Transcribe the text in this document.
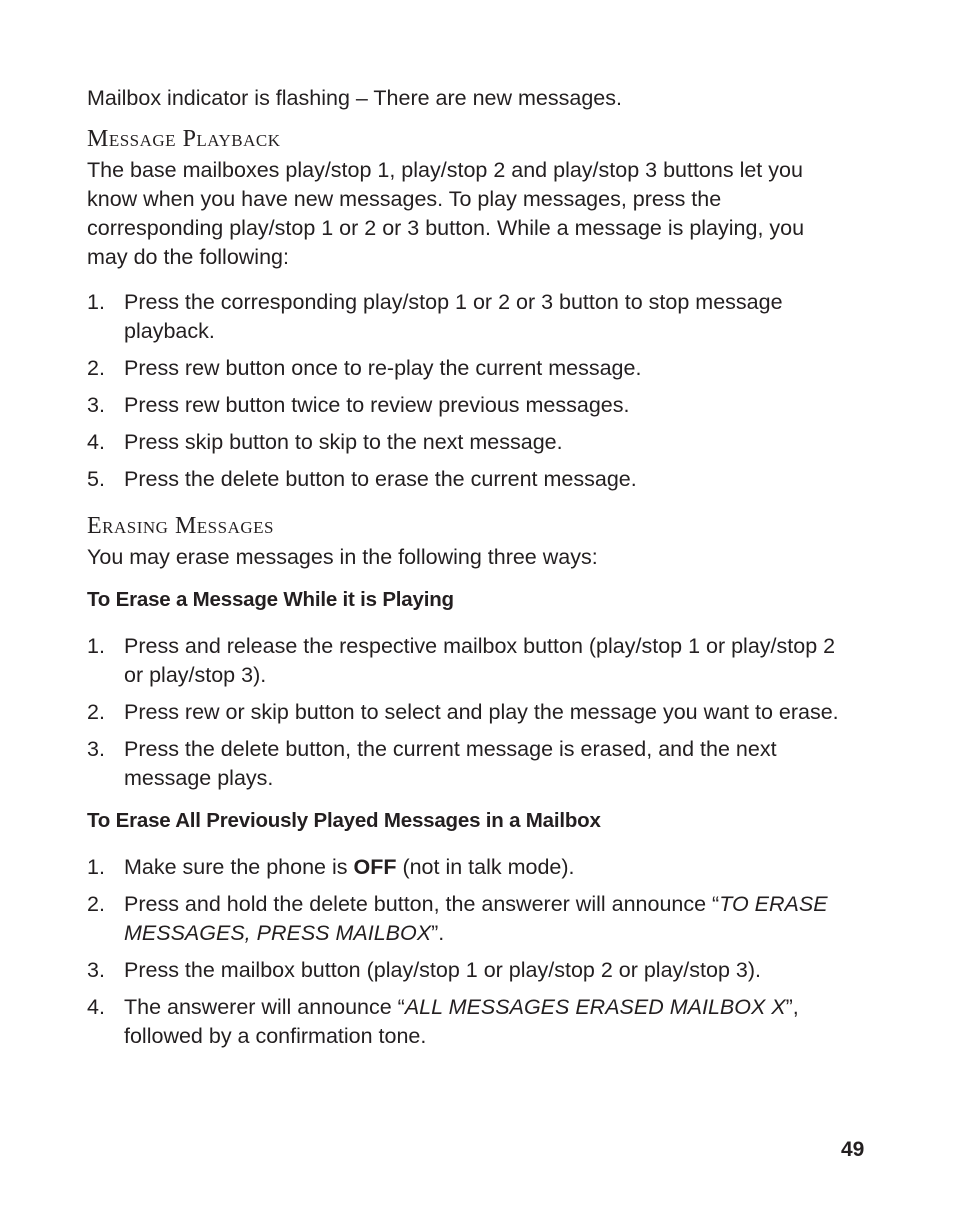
Mailbox indicator is flashing – There are new messages.

Message Playback

The base mailboxes play/stop 1, play/stop 2 and play/stop 3 buttons let you know when you have new messages. To play messages, press the corresponding play/stop 1 or 2 or 3 button. While a message is playing, you may do the following:

1. Press the corresponding play/stop 1 or 2 or 3 button to stop message playback.
2. Press rew button once to re-play the current message.
3. Press rew button twice to review previous messages.
4. Press skip button to skip to the next message.
5. Press the delete button to erase the current message.
Erasing Messages

You may erase messages in the following three ways:

To Erase a Message While it is Playing
1. Press and release the respective mailbox button (play/stop 1 or play/stop 2 or play/stop 3).
2. Press rew or skip button to select and play the message you want to erase.
3. Press the delete button, the current message is erased, and the next message plays.
To Erase All Previously Played Messages in a Mailbox
1. Make sure the phone is OFF (not in talk mode).
2. Press and hold the delete button, the answerer will announce “TO ERASE MESSAGES, PRESS MAILBOX”.
3. Press the mailbox button (play/stop 1 or play/stop 2 or play/stop 3).
4. The answerer will announce “ALL MESSAGES ERASED MAILBOX X”, followed by a confirmation tone.
49
